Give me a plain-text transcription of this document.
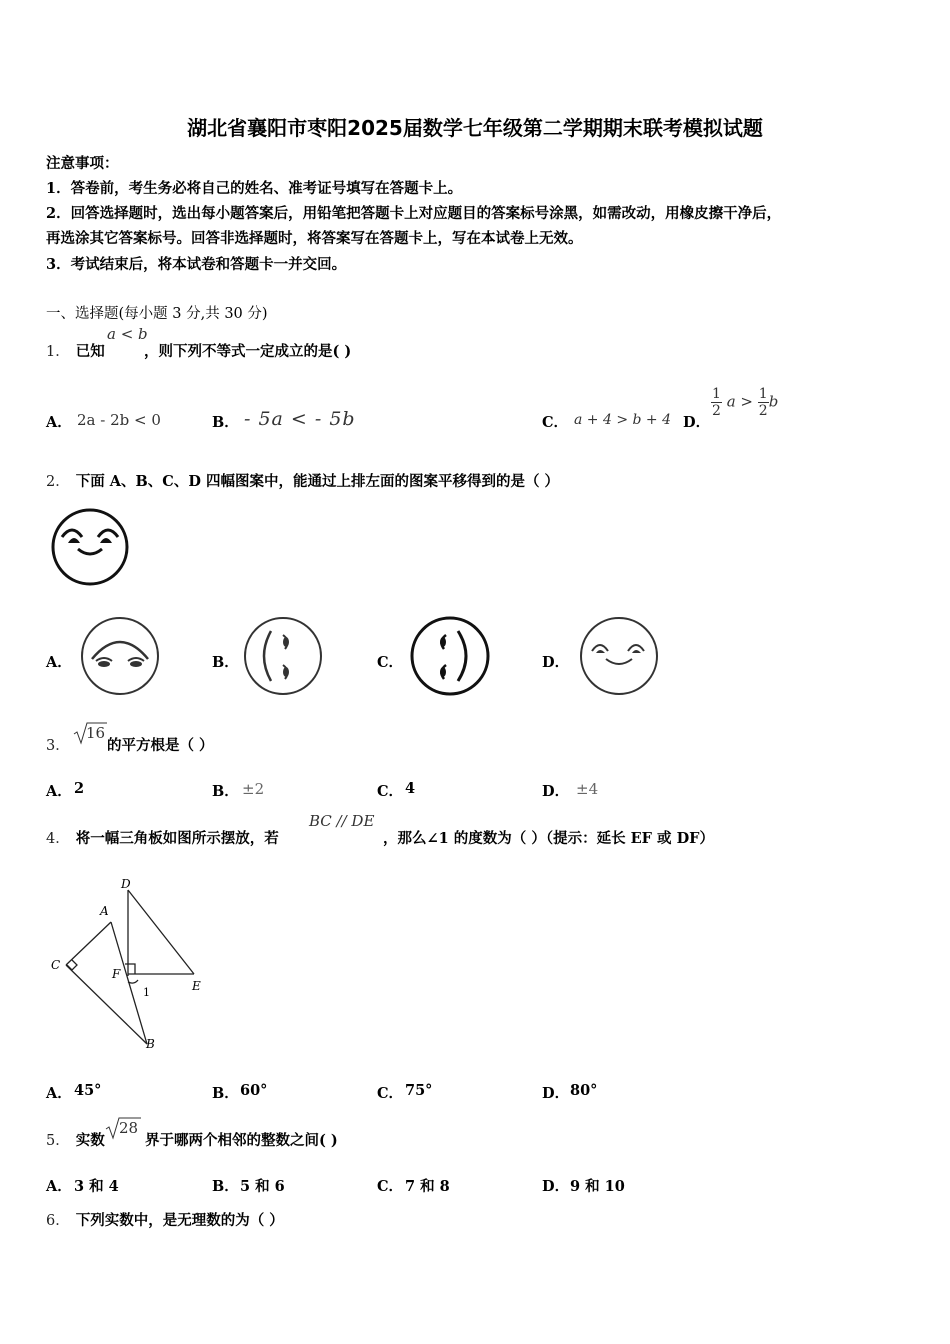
湖北省襄阳市枣阳2025届数学七年级第二学期期末联考模拟试题
注意事项：
1．答卷前，考生务必将自己的姓名、准考证号填写在答题卡上。
2．回答选择题时，选出每小题答案后，用铅笔把答题卡上对应题目的答案标号涂黑，如需改动，用橡皮擦干净后，
再选涂其它答案标号。回答非选择题时，将答案写在答题卡上，写在本试卷上无效。
3．考试结束后，将本试卷和答题卡一并交回。
一、选择题(每小题 3 分,共 30 分)
1． 已知
a < b
，则下列不等式一定成立的是( )
A． 2a - 2b < 0	B． - 5a < - 5b	C． a + 4 > b + 4 D．
$\frac{1}{2}$ $a > \frac{1}{2}$ b
2． 下面 A、B、C、D 四幅图案中，能通过上排左面的图案平移得到的是（ ）
A．	B．	C．	D．
3．
16
的平方根是（ ）
A． 2	B． ±2	C． 4	D． ±4
4． 将一幅三角板如图所示摆放，若
BC // DE
，那么∠1 的度数为（ ）（提示：延长 EF 或 DF）
D
A
C
F
E
1
B
A． 45°	B． 60°	C． 75°	D． 80°
5． 实数
28
界于哪两个相邻的整数之间( )
A． 3 和 4	B． 5 和 6	C． 7 和 8	D． 9 和 10
6． 下列实数中，是无理数的为（ ）
